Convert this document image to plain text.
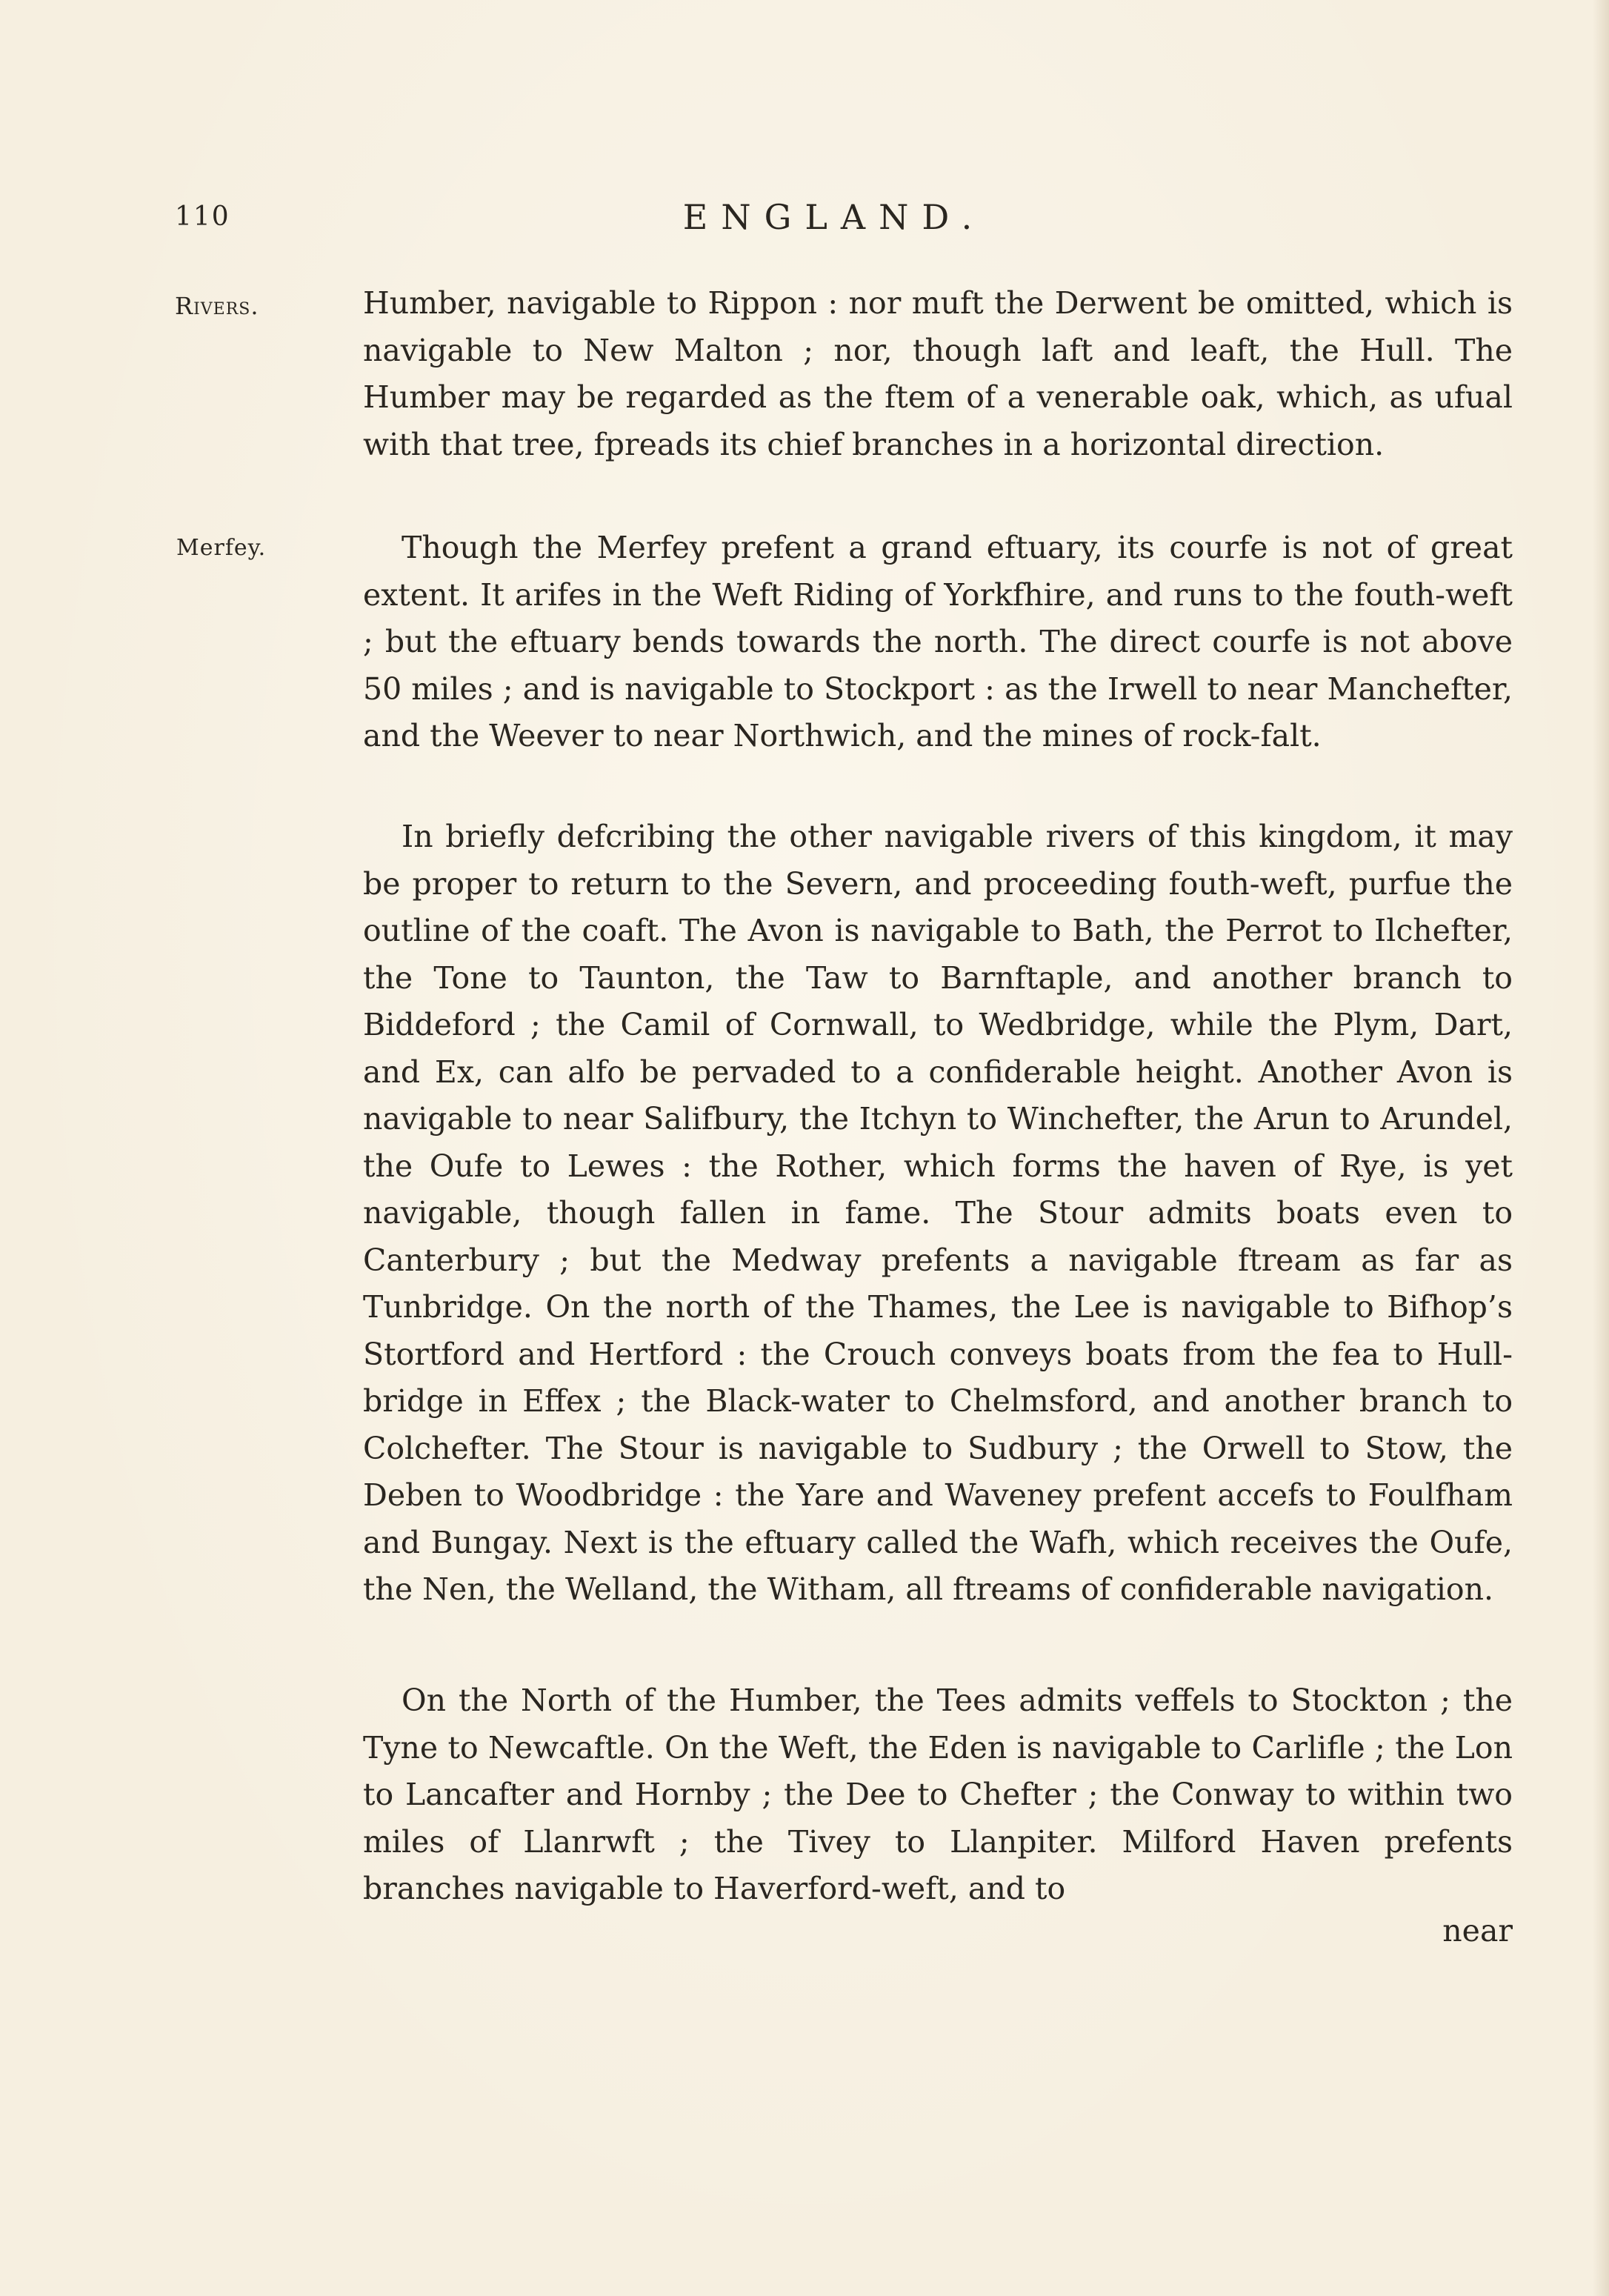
110	ENGLAND.
Rivers.
Merfey.

Humber, navigable to Rippon : nor muft the Derwent be omitted, which is navigable to New Malton ; nor, though laft and leaft, the Hull. The Humber may be regarded as the ftem of a venerable oak, which, as ufual with that tree, fpreads its chief branches in a horizontal direction.

Though the Merfey prefent a grand eftuary, its courfe is not of great extent. It arifes in the Weft Riding of Yorkfhire, and runs to the fouth-weft ; but the eftuary bends towards the north. The direct courfe is not above 50 miles ; and is navigable to Stockport : as the Irwell to near Manchefter, and the Weever to near Northwich, and the mines of rock-falt.

In briefly defcribing the other navigable rivers of this kingdom, it may be proper to return to the Severn, and proceeding fouth-weft, purfue the outline of the coaft. The Avon is navigable to Bath, the Perrot to Ilchefter, the Tone to Taunton, the Taw to Barnftaple, and another branch to Biddeford ; the Camil of Cornwall, to Wedbridge, while the Plym, Dart, and Ex, can alfo be pervaded to a confiderable height. Another Avon is navigable to near Salifbury, the Itchyn to Winchefter, the Arun to Arundel, the Oufe to Lewes : the Rother, which forms the haven of Rye, is yet navigable, though fallen in fame. The Stour admits boats even to Canterbury ; but the Medway prefents a navigable ftream as far as Tunbridge. On the north of the Thames, the Lee is navigable to Bifhop’s Stortford and Hertford : the Crouch conveys boats from the fea to Hull-bridge in Effex ; the Black-water to Chelmsford, and another branch to Colchefter. The Stour is navigable to Sudbury ; the Orwell to Stow, the Deben to Woodbridge : the Yare and Waveney prefent accefs to Foulfham and Bungay. Next is the eftuary called the Wafh, which receives the Oufe, the Nen, the Welland, the Witham, all ftreams of confiderable navigation.

On the North of the Humber, the Tees admits veffels to Stockton ; the Tyne to Newcaftle. On the Weft, the Eden is navigable to Carlifle ; the Lon to Lancafter and Hornby ; the Dee to Chefter ; the Conway to within two miles of Llanrwft ; the Tivey to Llanpiter. Milford Haven prefents branches navigable to Haverford-weft, and to

near
